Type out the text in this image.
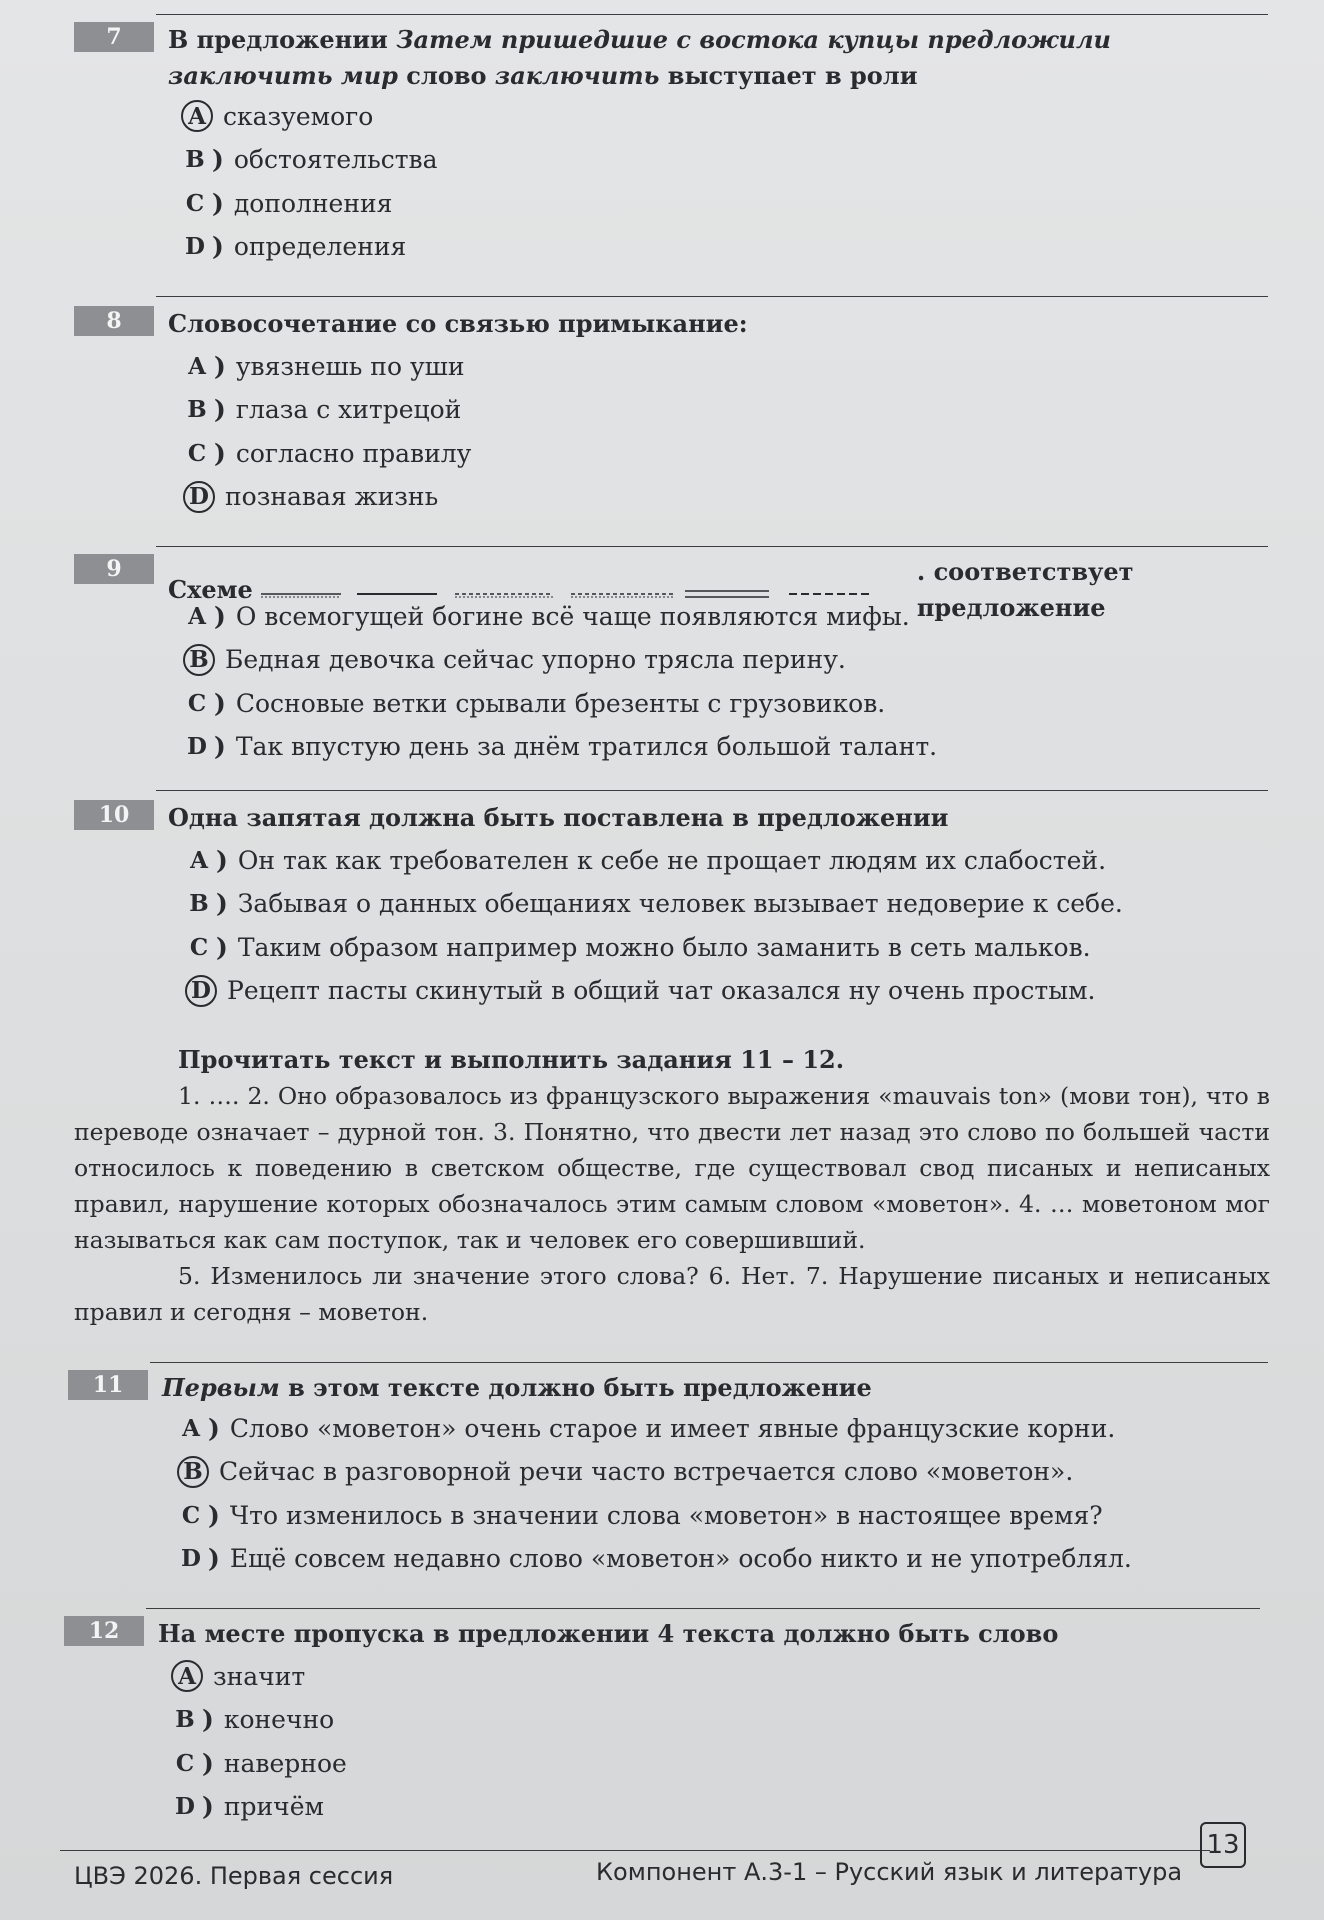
7	В предложении Затем пришедшие с востока купцы предложили заключить мир слово заключить выступает в роли
8	Словосочетание со связью примыкание:
9
Схеме
. соответствует предложение
10	Одна запятая должна быть поставлена в предложении
Прочитать текст и выполнить задания 11 – 12.

1. …. 2. Оно образовалось из французского выражения «mauvais ton» (мови тон), что в переводе означает – дурной тон. 3. Понятно, что двести лет назад это слово по большей части относилось к поведению в светском обществе, где существовал свод писаных и неписаных правил, нарушение которых обозначалось этим самым словом «моветон». 4. … моветоном мог называться как сам поступок, так и человек его совершивший.

5. Изменилось ли значение этого слова? 6. Нет. 7. Нарушение писаных и неписаных правил и сегодня – моветон.

11	Первым в этом тексте должно быть предложение
12	На месте пропуска в предложении 4 текста должно быть слово
A сказуемого
B ) обстоятельства
C ) дополнения
D ) определения
A ) увязнешь по уши
B ) глаза с хитрецой
C ) согласно правилу
D познавая жизнь
A ) О всемогущей богине всё чаще появляются мифы.
B Бедная девочка сейчас упорно трясла перину.
C ) Сосновые ветки срывали брезенты с грузовиков.
D ) Так впустую день за днём тратился большой талант.
A ) Он так как требователен к себе не прощает людям их слабостей.
B ) Забывая о данных обещаниях человек вызывает недоверие к себе.
C ) Таким образом например можно было заманить в сеть мальков.
D Рецепт пасты скинутый в общий чат оказался ну очень простым.
A ) Слово «моветон» очень старое и имеет явные французские корни.
B Сейчас в разговорной речи часто встречается слово «моветон».
C ) Что изменилось в значении слова «моветон» в настоящее время?
D ) Ещё совсем недавно слово «моветон» особо никто и не употреблял.
A значит
B ) конечно
C ) наверное
D ) причём
ЦВЭ 2026. Первая сессия	Компонент А.3-1 – Русский язык и литература
13
